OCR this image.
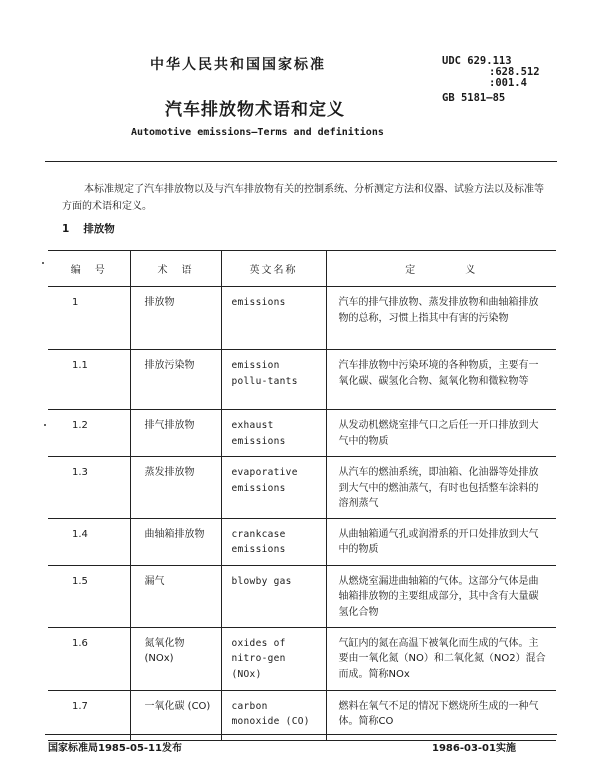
中华人民共和国国家标准	UDC 629.113
:628.512
:001.4
GB 5181—85
汽车排放物术语和定义
Automotive emissions—Terms and definitions
本标准规定了汽车排放物以及与汽车排放物有关的控制系统、分析测定方法和仪器、试验方法以及标准等方面的术语和定义。
1 排放物
编　号	术　语	英文名称	定　　　　义
1	排放物	emissions	汽车的排气排放物、蒸发排放物和曲轴箱排放物的总称，习惯上指其中有害的污染物
1.1	排放污染物	emission pollu-tants	汽车排放物中污染环境的各种物质，主要有一氧化碳、碳氢化合物、氮氧化物和微粒物等
1.2	排气排放物	exhaust emissions	从发动机燃烧室排气口之后任一开口排放到大气中的物质
1.3	蒸发排放物	evaporative emissions	从汽车的燃油系统，即油箱、化油器等处排放到大气中的燃油蒸气，有时也包括整车涂料的溶剂蒸气
1.4	曲轴箱排放物	crankcase emissions	从曲轴箱通气孔或润滑系的开口处排放到大气中的物质
1.5	漏气	blowby gas	从燃烧室漏进曲轴箱的气体。这部分气体是曲轴箱排放物的主要组成部分，其中含有大量碳氢化合物
1.6	氮氧化物 (NOx)	oxides of nitro-gen (NOx)	气缸内的氮在高温下被氧化而生成的气体。主要由一氧化氮（NO）和二氧化氮（NO2）混合而成。简称NOx
1.7	一氧化碳 (CO)	carbon monoxide (CO)	燃料在氧气不足的情况下燃烧所生成的一种气体。简称CO
国家标准局1985-05-11发布	1986-03-01实施
